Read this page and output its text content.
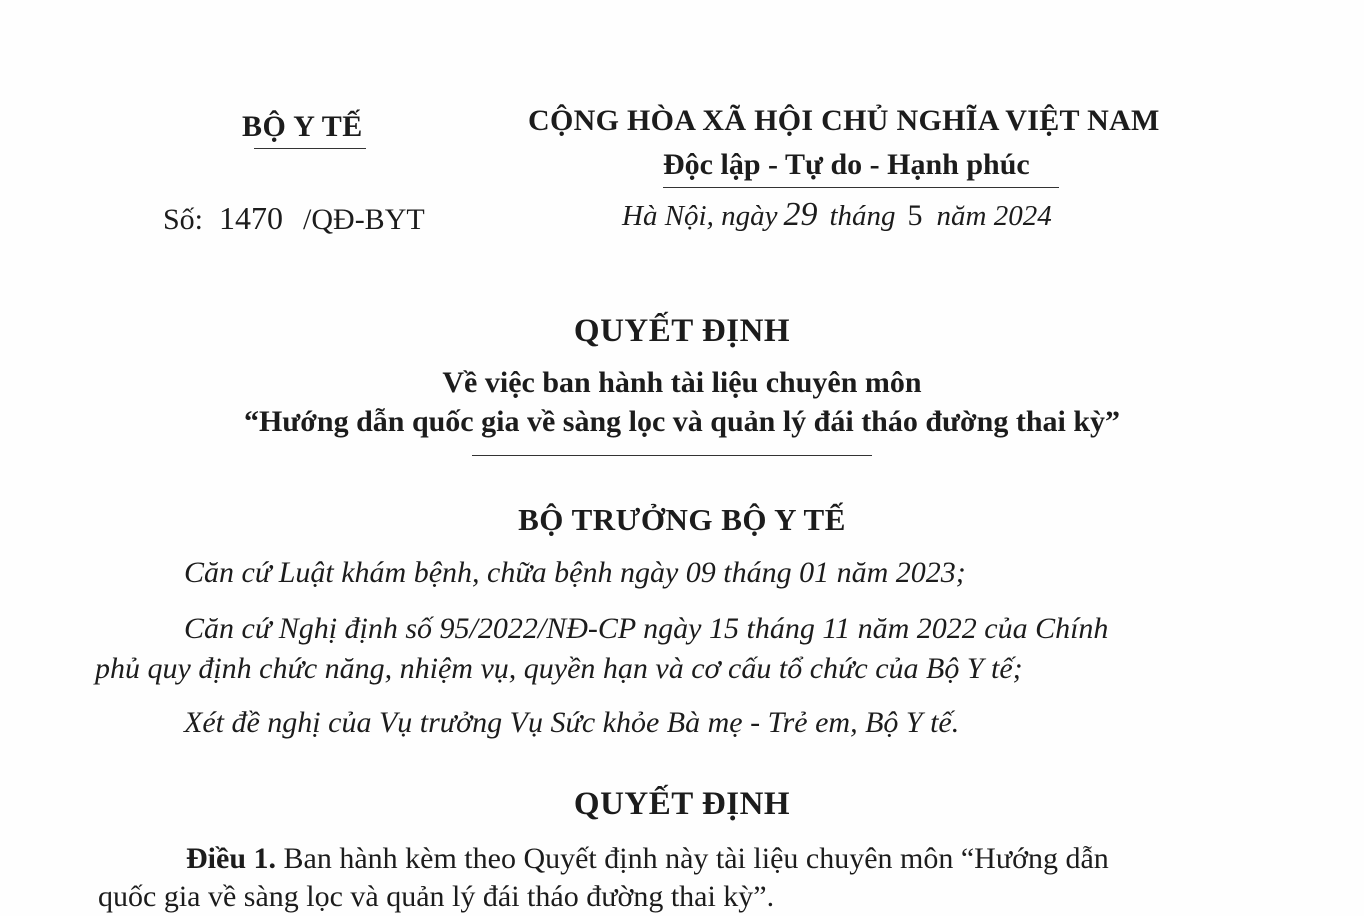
BỘ Y TẾ	CỘNG HÒA XÃ HỘI CHỦ NGHĨA VIỆT NAM
Độc lập - Tự do - Hạnh phúc
Số: 1470 /QĐ-BYT	Hà Nội, ngày 29 tháng 5 năm 2024
QUYẾT ĐỊNH
Về việc ban hành tài liệu chuyên môn
“Hướng dẫn quốc gia về sàng lọc và quản lý đái tháo đường thai kỳ”
BỘ TRƯỞNG BỘ Y TẾ
Căn cứ Luật khám bệnh, chữa bệnh ngày 09 tháng 01 năm 2023;
Căn cứ Nghị định số 95/2022/NĐ-CP ngày 15 tháng 11 năm 2022 của Chính
phủ quy định chức năng, nhiệm vụ, quyền hạn và cơ cấu tổ chức của Bộ Y tế;
Xét đề nghị của Vụ trưởng Vụ Sức khỏe Bà mẹ - Trẻ em, Bộ Y tế.
QUYẾT ĐỊNH
Điều 1. Ban hành kèm theo Quyết định này tài liệu chuyên môn “Hướng dẫn
quốc gia về sàng lọc và quản lý đái tháo đường thai kỳ”.
